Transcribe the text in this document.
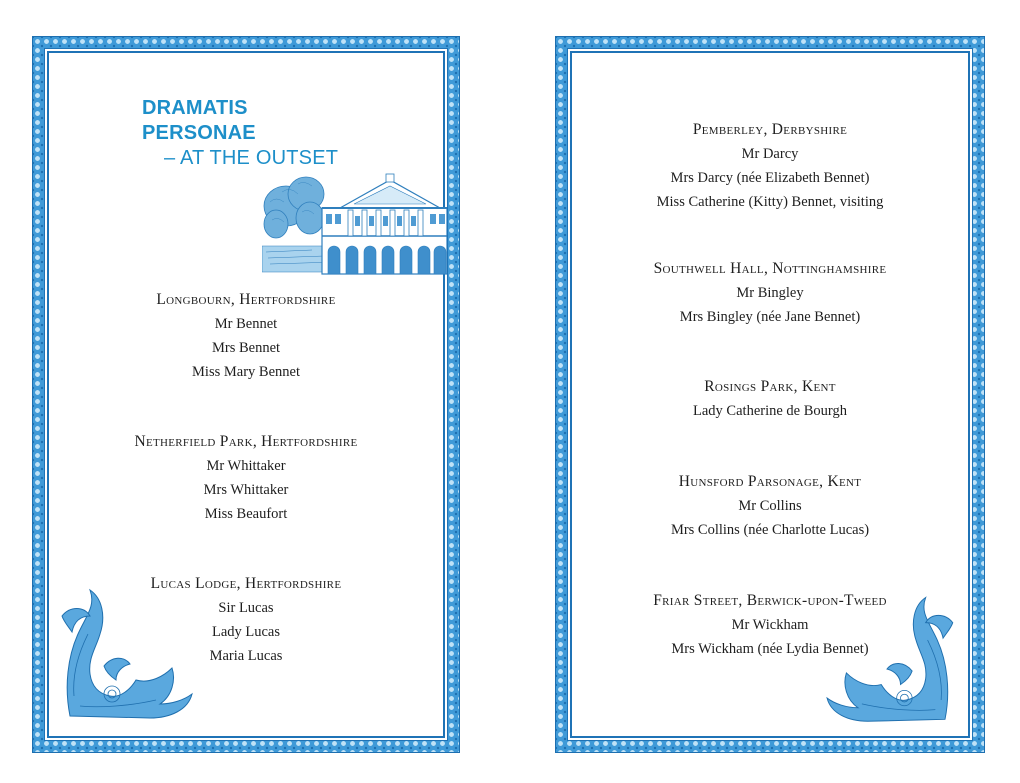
DRAMATIS PERSONAE
– AT THE OUTSET
Longbourn, Hertfordshire
Mr Bennet
Mrs Bennet
Miss Mary Bennet
Netherfield Park, Hertfordshire
Mr Whittaker
Mrs Whittaker
Miss Beaufort
Lucas Lodge, Hertfordshire
Sir Lucas
Lady Lucas
Maria Lucas
Pemberley, Derbyshire
Mr Darcy
Mrs Darcy (née Elizabeth Bennet)
Miss Catherine (Kitty) Bennet, visiting
Southwell Hall, Nottinghamshire
Mr Bingley
Mrs Bingley (née Jane Bennet)
Rosings Park, Kent
Lady Catherine de Bourgh
Hunsford Parsonage, Kent
Mr Collins
Mrs Collins (née Charlotte Lucas)
Friar Street, Berwick-upon-Tweed
Mr Wickham
Mrs Wickham (née Lydia Bennet)
